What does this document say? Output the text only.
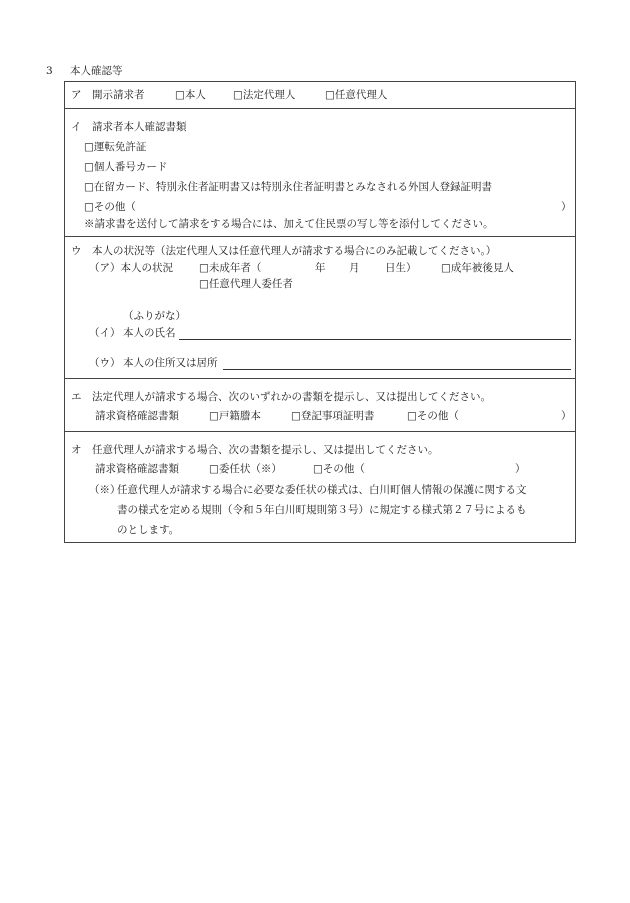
3 本人確認等
ア　開示請求者	□本人	□法定代理人	□任意代理人
イ　請求者本人確認書類
□運転免許証
□個人番号カード
□在留カード、特別永住者証明書又は特別永住者証明書とみなされる外国人登録証明書
□その他（	）
※請求書を送付して請求をする場合には、加えて住民票の写し等を添付してください。
ウ　本人の状況等（法定代理人又は任意代理人が請求する場合にのみ記載してください。）
（ア）本人の状況 □未成年者（	年 月 日生） □成年被後見人
□任意代理人委任者
（ふりがな）
（イ） 本人の氏名
（ウ） 本人の住所又は居所
エ　法定代理人が請求する場合、次のいずれかの書類を提示し、又は提出してください。
請求資格確認書類	□戸籍謄本	□登記事項証明書	□その他（	）
オ　任意代理人が請求する場合、次の書類を提示し、又は提出してください。
請求資格確認書類	□委任状（※）	□その他（	）
（※）
任意代理人が請求する場合に必要な委任状の様式は、白川町個人情報の保護に関する文
書の様式を定める規則（令和５年白川町規則第３号）に規定する様式第２７号によるも
のとします。
